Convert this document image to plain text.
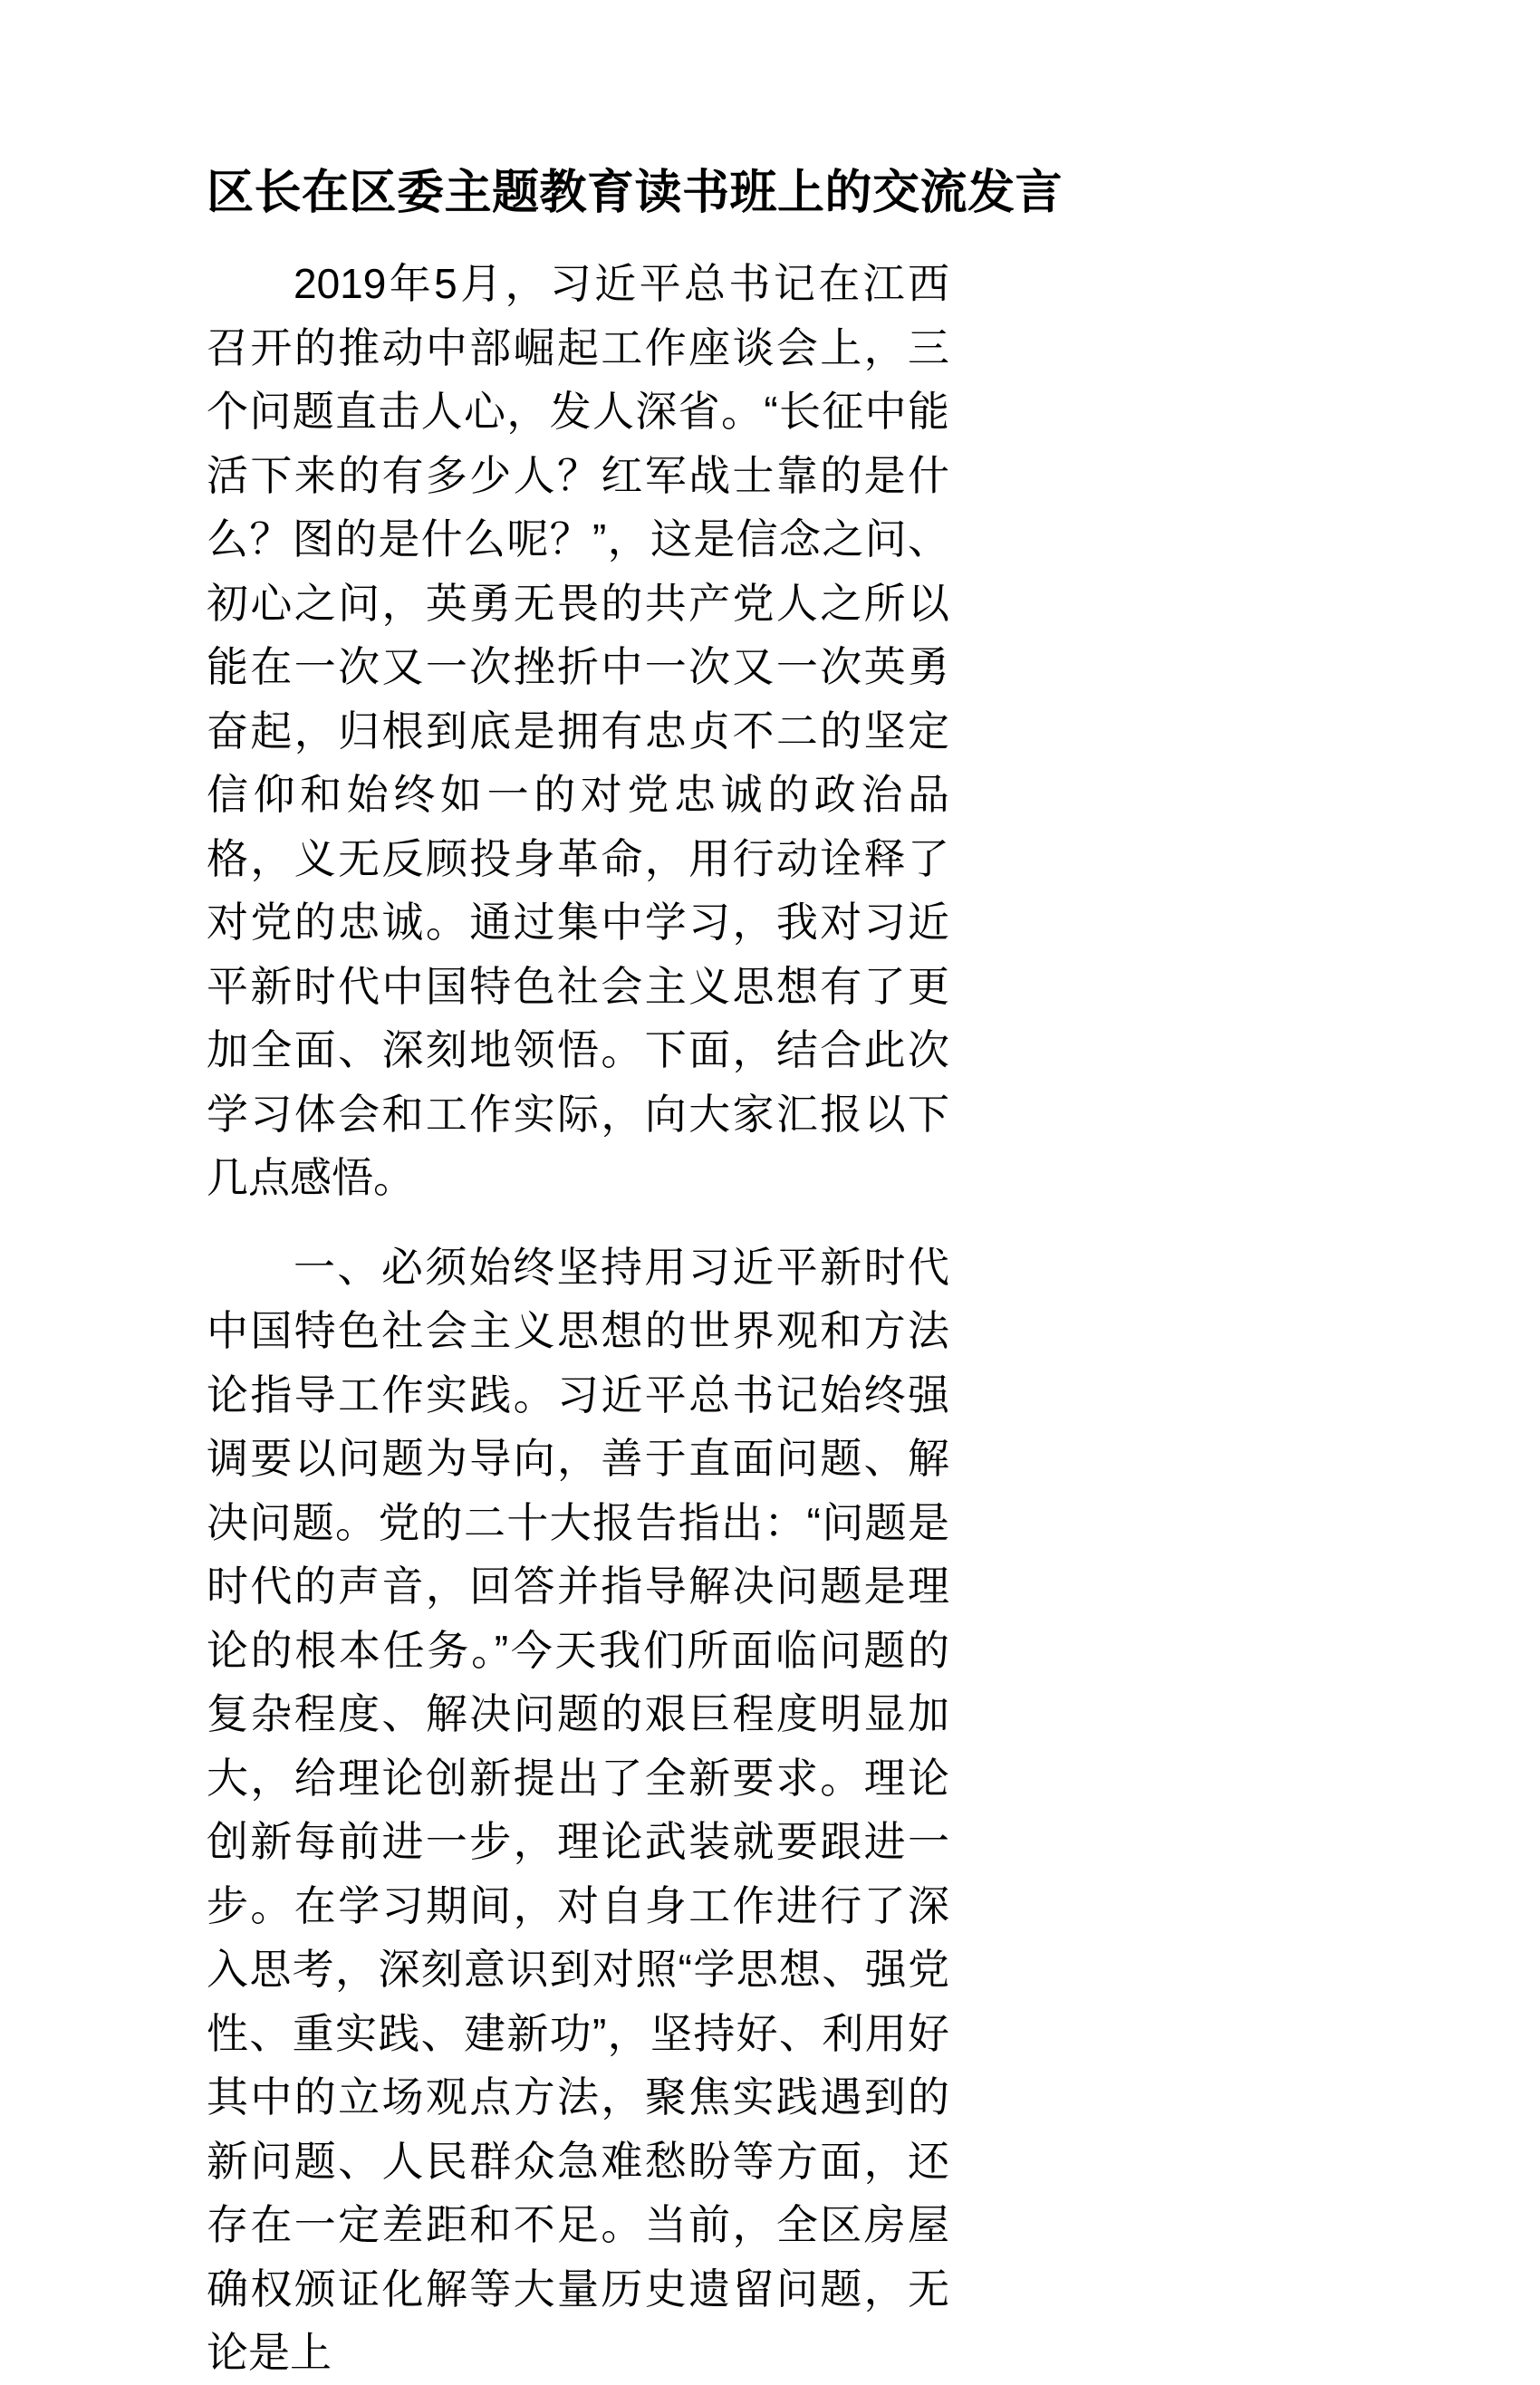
区长在区委主题教育读书班上的交流发言

2019年5月，习近平总书记在江西召开的推动中部崛起工作座谈会上，三个问题直击人心，发人深省。“长征中能活下来的有多少人？红军战士靠的是什么？图的是什么呢？”，这是信念之问、初心之问，英勇无畏的共产党人之所以能在一次又一次挫折中一次又一次英勇奋起，归根到底是拥有忠贞不二的坚定信仰和始终如一的对党忠诚的政治品格，义无反顾投身革命，用行动诠释了对党的忠诚。通过集中学习，我对习近平新时代中国特色社会主义思想有了更加全面、深刻地领悟。下面，结合此次学习体会和工作实际，向大家汇报以下几点感悟。

一、必须始终坚持用习近平新时代中国特色社会主义思想的世界观和方法论指导工作实践。习近平总书记始终强调要以问题为导向，善于直面问题、解决问题。党的二十大报告指出：“问题是时代的声音，回答并指导解决问题是理论的根本任务。”今天我们所面临问题的复杂程度、解决问题的艰巨程度明显加大，给理论创新提出了全新要求。理论创新每前进一步，理论武装就要跟进一步。在学习期间，对自身工作进行了深入思考，深刻意识到对照“学思想、强党性、重实践、建新功”，坚持好、利用好其中的立场观点方法，聚焦实践遇到的新问题、人民群众急难愁盼等方面，还存在一定差距和不足。当前，全区房屋确权颁证化解等大量历史遗留问题，无论是上
